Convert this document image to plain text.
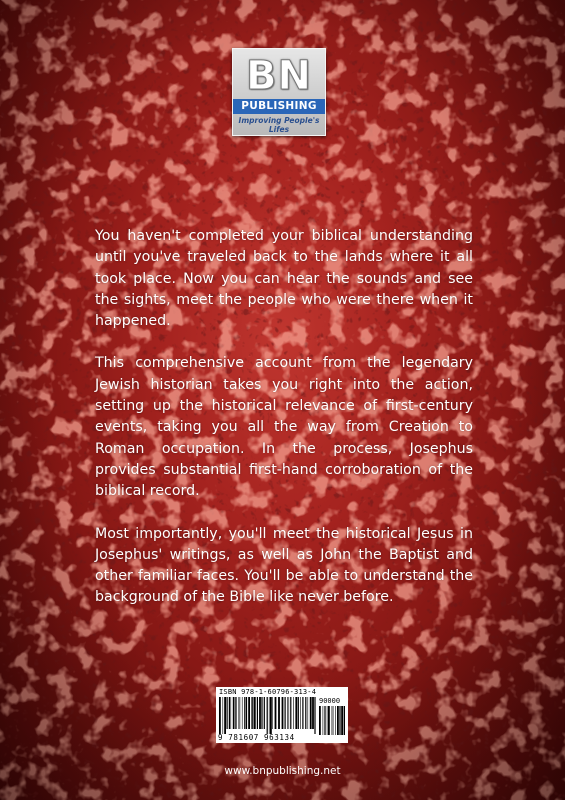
BN
PUBLISHING
Improving People's Lifes

You haven't completed your biblical understanding until you've traveled back to the lands where it all took place. Now you can hear the sounds and see the sights, meet the people who were there when it happened.

This comprehensive account from the legendary Jewish historian takes you right into the action, setting up the historical relevance of first-century events, taking you all the way from Creation to Roman occupation. In the process, Josephus provides substantial first-hand corroboration of the biblical record.

Most importantly, you'll meet the historical Jesus in Josephus' writings, as well as John the Baptist and other familiar faces. You'll be able to understand the background of the Bible like never before.

ISBN 978-1-60796-313-4
90000
9 781607 963134
www.bnpublishing.net
